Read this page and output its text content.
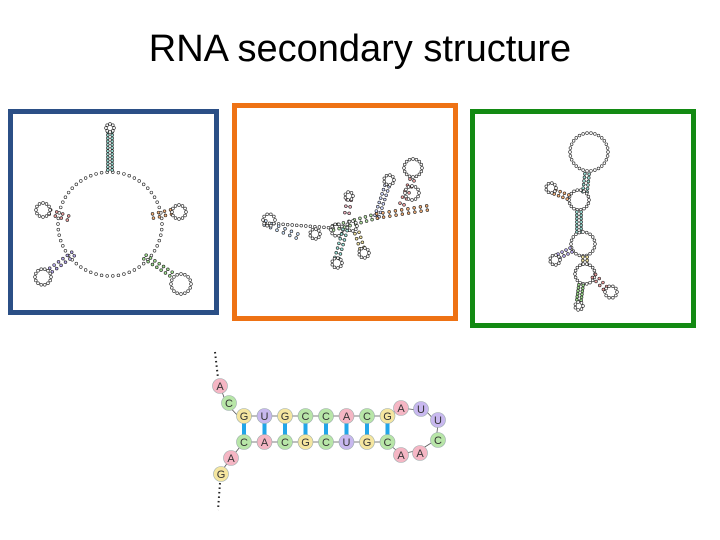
RNA secondary structure
A
C
G U G C C A C G
C A C G C U G C
A U
U
C
A
A
A
G
